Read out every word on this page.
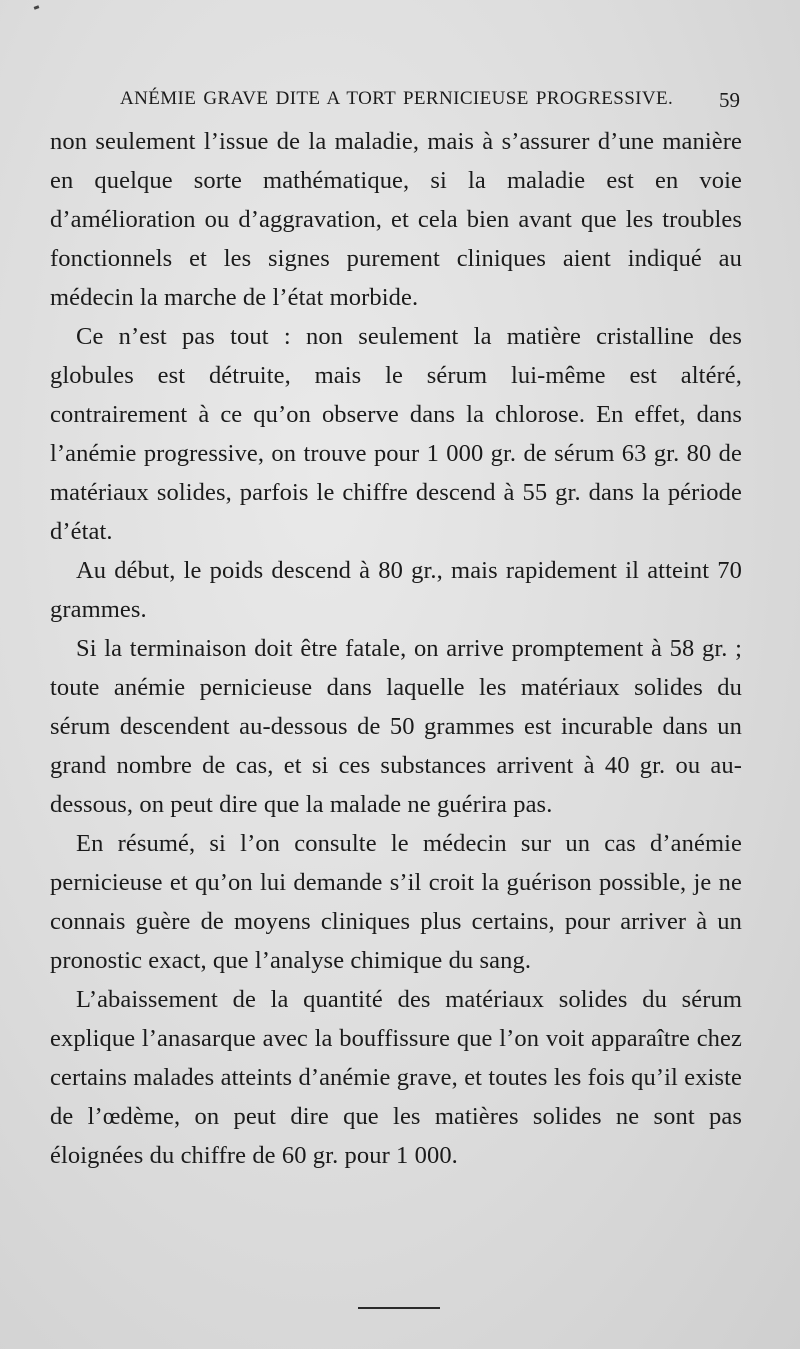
ANÉMIE GRAVE DITE A TORT PERNICIEUSE PROGRESSIVE. 59

non seulement l’issue de la maladie, mais à s’assurer d’une manière en quelque sorte mathématique, si la maladie est en voie d’amélioration ou d’aggravation, et cela bien avant que les troubles fonctionnels et les signes purement cliniques aient indiqué au médecin la marche de l’état morbide.

Ce n’est pas tout : non seulement la matière cristalline des globules est détruite, mais le sérum lui-même est altéré, contrairement à ce qu’on observe dans la chlorose. En effet, dans l’anémie progressive, on trouve pour 1 000 gr. de sérum 63 gr. 80 de matériaux solides, parfois le chiffre descend à 55 gr. dans la période d’état.

Au début, le poids descend à 80 gr., mais rapidement il atteint 70 grammes.

Si la terminaison doit être fatale, on arrive promptement à 58 gr. ; toute anémie pernicieuse dans laquelle les matériaux solides du sérum descendent au-dessous de 50 grammes est incurable dans un grand nombre de cas, et si ces substances arrivent à 40 gr. ou au-dessous, on peut dire que la malade ne guérira pas.

En résumé, si l’on consulte le médecin sur un cas d’anémie pernicieuse et qu’on lui demande s’il croit la guérison possible, je ne connais guère de moyens cliniques plus certains, pour arriver à un pronostic exact, que l’analyse chimique du sang.

L’abaissement de la quantité des matériaux solides du sérum explique l’anasarque avec la bouffissure que l’on voit apparaître chez certains malades atteints d’anémie grave, et toutes les fois qu’il existe de l’œdème, on peut dire que les matières solides ne sont pas éloignées du chiffre de 60 gr. pour 1 000.
